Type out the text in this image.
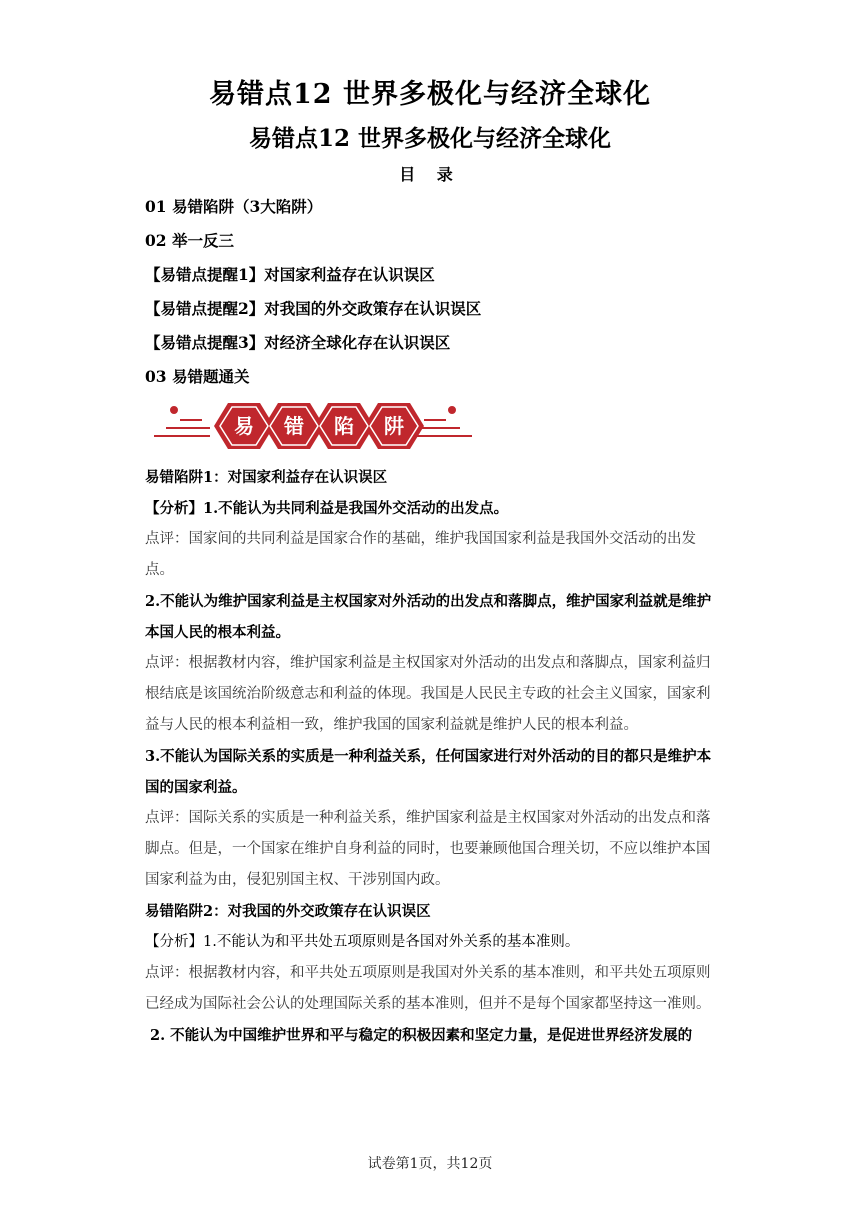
易错点12 世界多极化与经济全球化
易错点12 世界多极化与经济全球化
目 录
01 易错陷阱（3大陷阱）
02 举一反三
【易错点提醒1】对国家利益存在认识误区
【易错点提醒2】对我国的外交政策存在认识误区
【易错点提醒3】对经济全球化存在认识误区
03 易错题通关
易 错 陷 阱

易错陷阱1：对国家利益存在认识误区

【分析】1.不能认为共同利益是我国外交活动的出发点。

点评：国家间的共同利益是国家合作的基础，维护我国国家利益是我国外交活动的出发点。

2.不能认为维护国家利益是主权国家对外活动的出发点和落脚点，维护国家利益就是维护本国人民的根本利益。

点评：根据教材内容，维护国家利益是主权国家对外活动的出发点和落脚点，国家利益归根结底是该国统治阶级意志和利益的体现。我国是人民民主专政的社会主义国家，国家利益与人民的根本利益相一致，维护我国的国家利益就是维护人民的根本利益。

3.不能认为国际关系的实质是一种利益关系，任何国家进行对外活动的目的都只是维护本国的国家利益。

点评：国际关系的实质是一种利益关系，维护国家利益是主权国家对外活动的出发点和落脚点。但是，一个国家在维护自身利益的同时，也要兼顾他国合理关切，不应以维护本国国家利益为由，侵犯别国主权、干涉别国内政。

易错陷阱2：对我国的外交政策存在认识误区

【分析】1.不能认为和平共处五项原则是各国对外关系的基本准则。

点评：根据教材内容，和平共处五项原则是我国对外关系的基本准则，和平共处五项原则已经成为国际社会公认的处理国际关系的基本准则，但并不是每个国家都坚持这一准则。

2. 不能认为中国维护世界和平与稳定的积极因素和坚定力量，是促进世界经济发展的

试卷第1页，共12页
